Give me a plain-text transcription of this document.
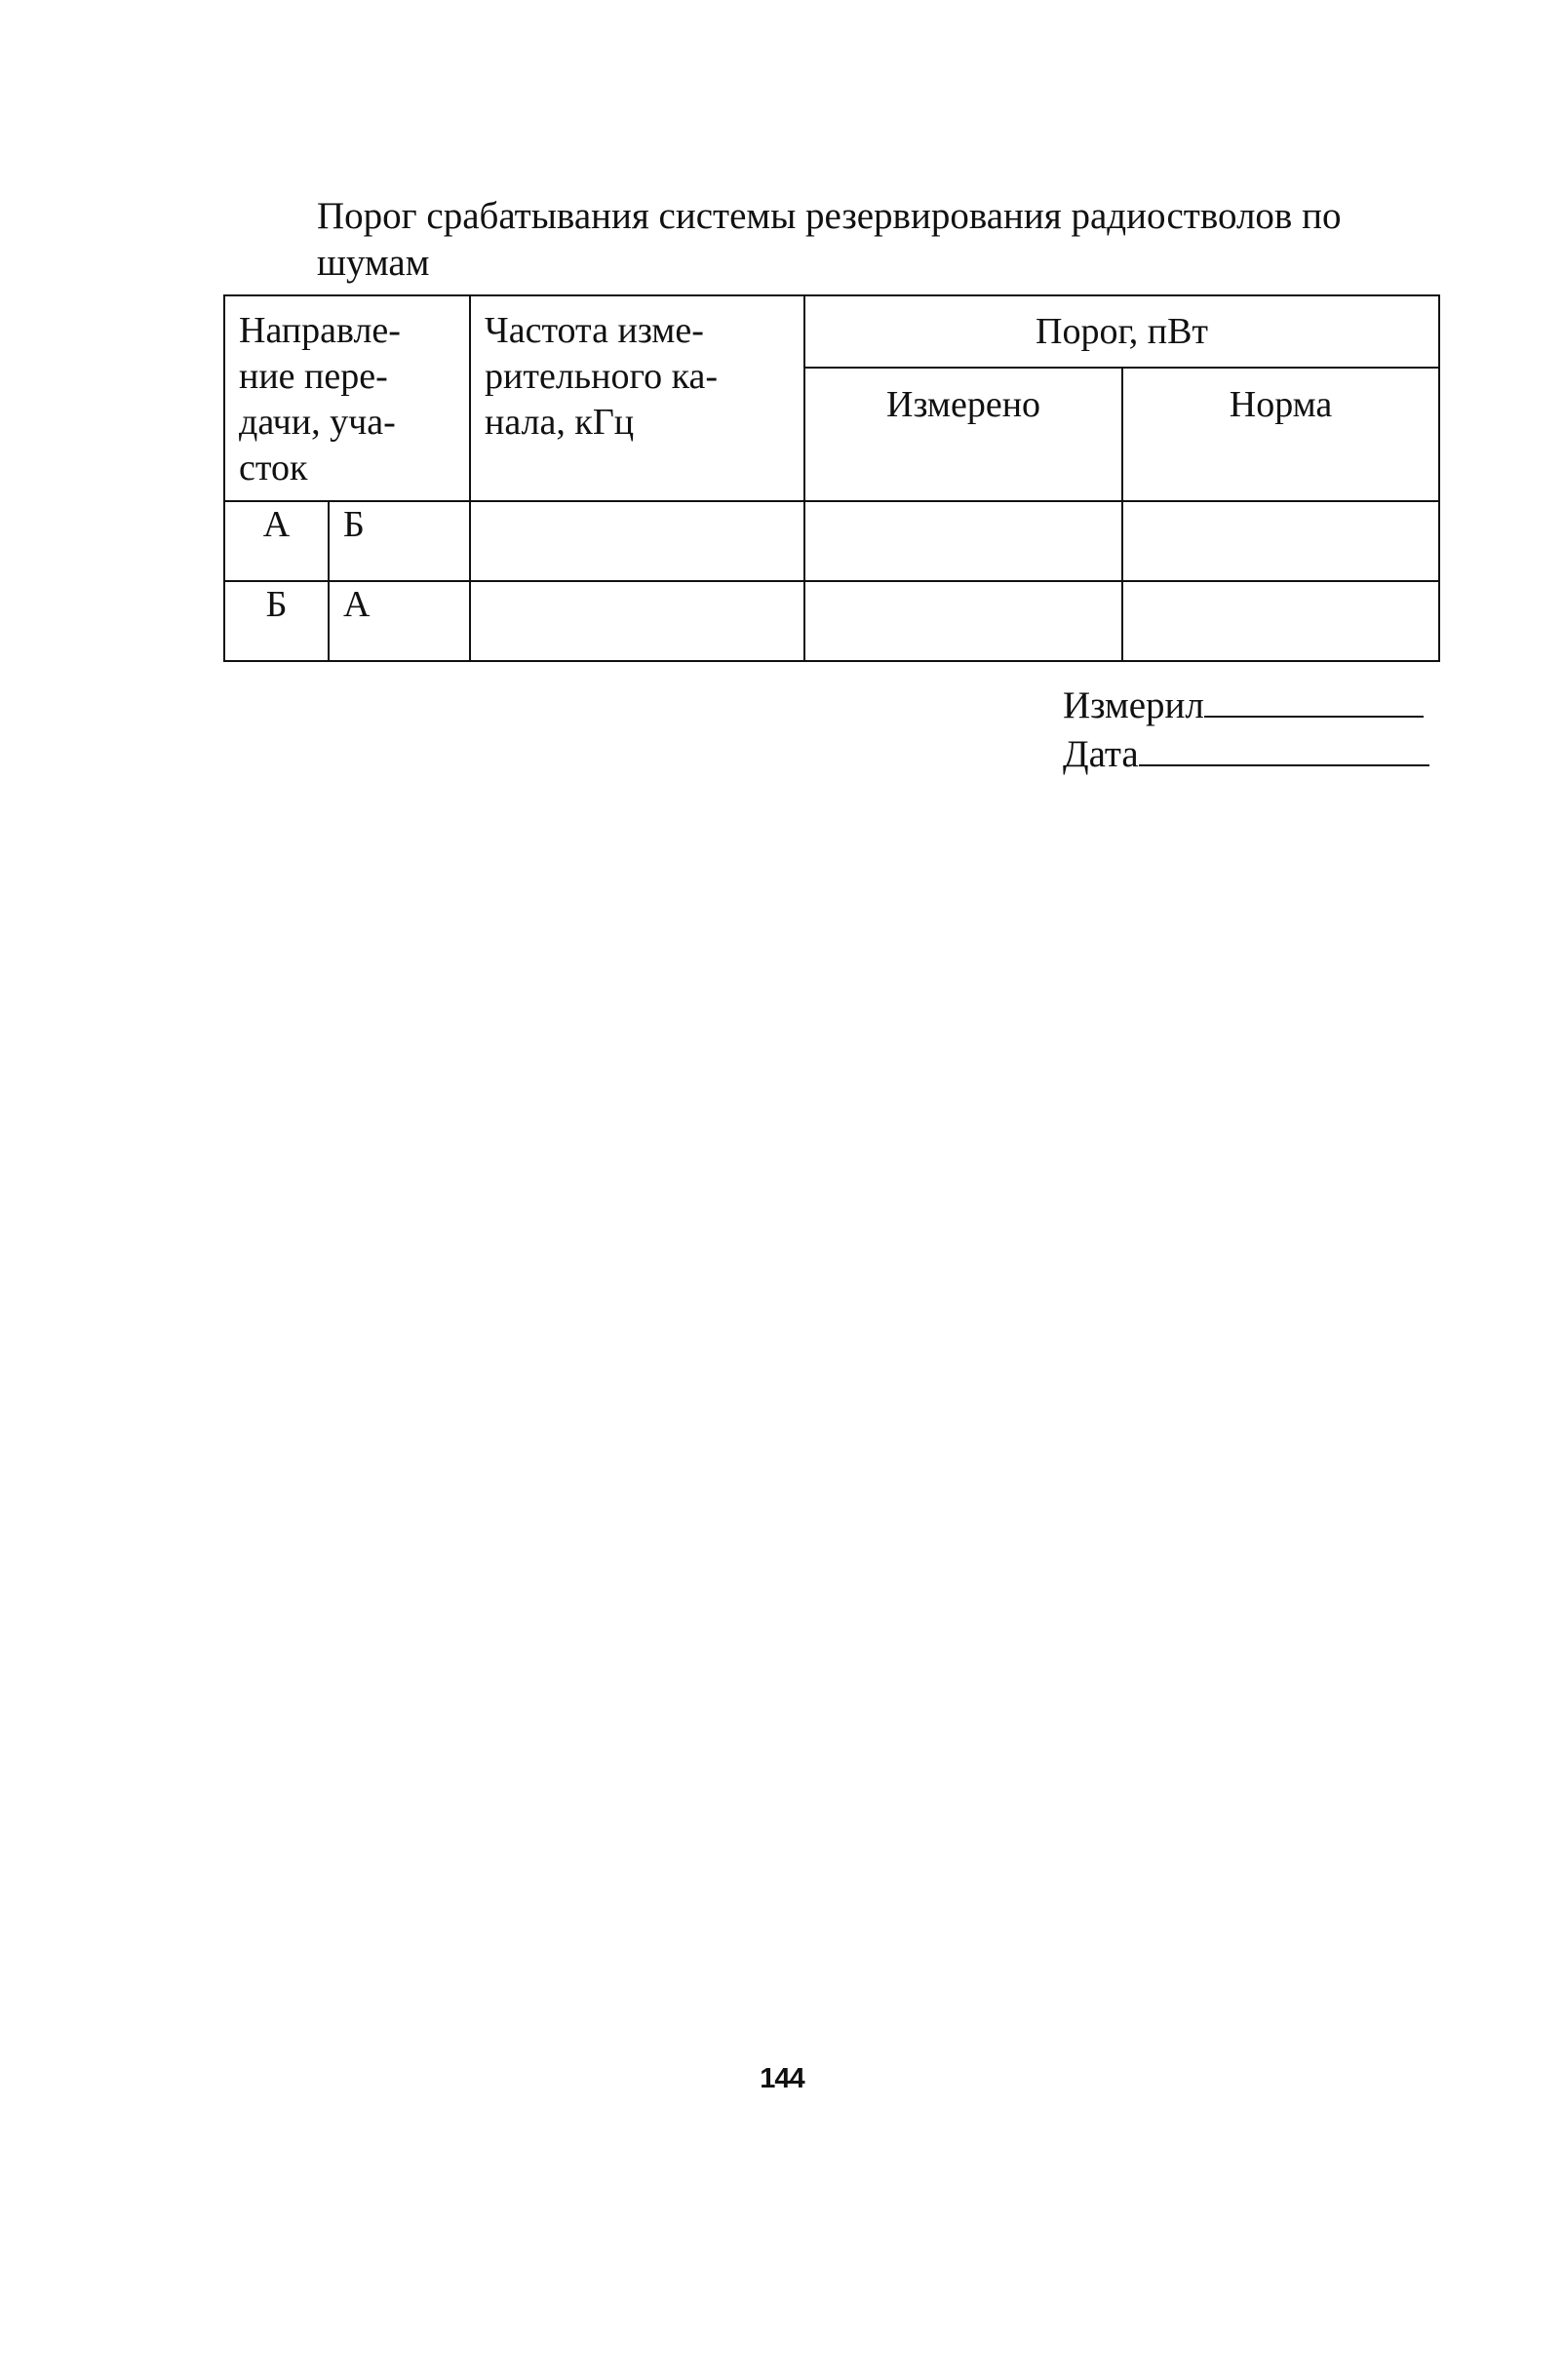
Порог срабатывания системы резервирования радиостволов по шумам
Направле-ние пере-дачи, уча-сток		Частота изме-рительного ка-нала, кГц	Порог, пВт	

			Измерено	Норма

А	Б			

Б	А			

Измерил
Дата
144
